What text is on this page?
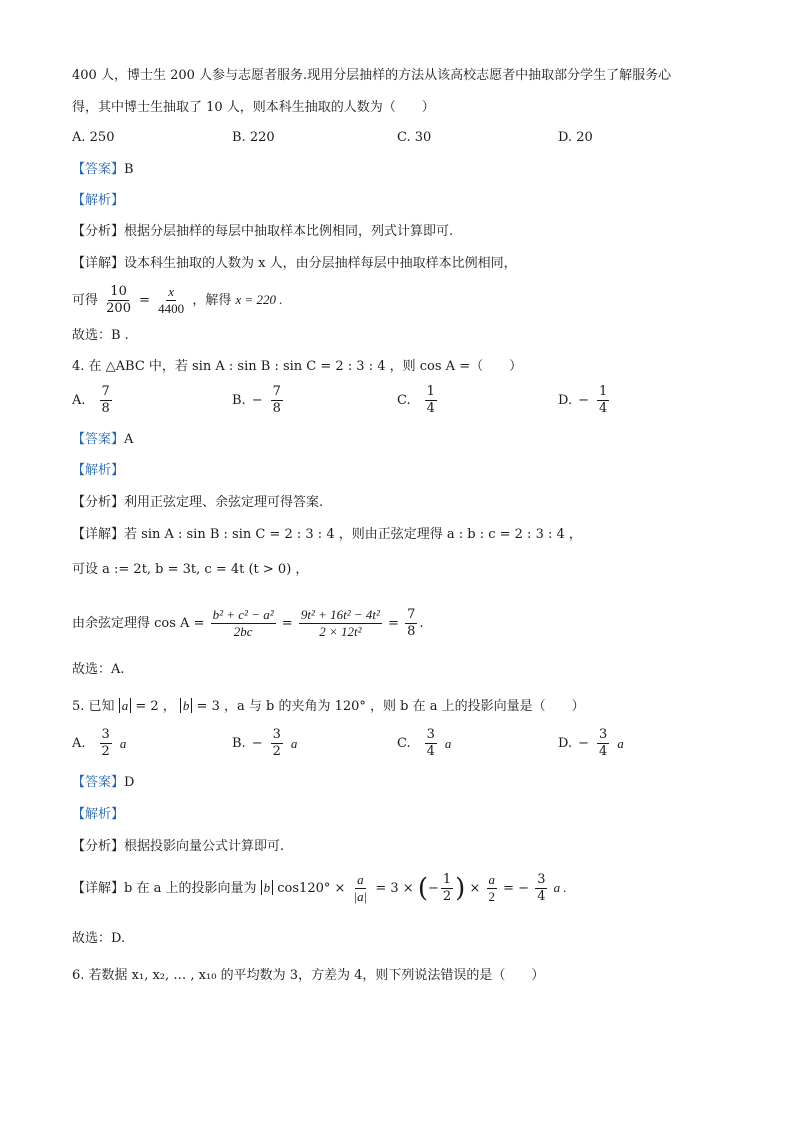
400 人，博士生 200 人参与志愿者服务.现用分层抽样的方法从该高校志愿者中抽取部分学生了解服务心
得，其中博士生抽取了 10 人，则本科生抽取的人数为（　　）
A. 250	B. 220	C. 30	D. 20
【答案】B
【解析】
【分析】根据分层抽样的每层中抽取样本比例相同，列式计算即可.
【详解】设本科生抽取的人数为 x 人，由分层抽样每层中抽取样本比例相同，
可得 $\frac{10}{200} = \frac{x}{4400}$ ，解得 x = 220 .
故选：B .
4. 在 △ABC 中，若 sin A : sin B : sin C = 2 : 3 : 4 ，则 cos A =（　　）
A. $\frac{7}{8}$	B. − $\frac{7}{8}$	C. $\frac{1}{4}$	D. − $\frac{1}{4}$
【答案】A
【解析】
【分析】利用正弦定理、余弦定理可得答案.
【详解】若 sin A : sin B : sin C = 2 : 3 : 4 ，则由正弦定理得 a : b : c = 2 : 3 : 4 ，
可设 a := 2t, b = 3t, c = 4t (t > 0) ，
由余弦定理得 $\cos A = \frac{\text{b² + c² − a²}}{2bc} = \frac{\text{9t² + 16t² − 4t²}}{\text{2 × 12t²}} = \frac{7}{8}$ .
故选：A.
5. 已知 a = 2 ， b = 3 ，a 与 b 的夹角为 120° ，则 b 在 a 上的投影向量是（　　）
A. $\frac{3}{2}$ a	B. − $\frac{3}{2}$ a	C. $\frac{3}{4}$ a	D. − $\frac{3}{4}$ a
【答案】D
【解析】
【分析】根据投影向量公式计算即可.
【详解】b 在 a 上的投影向量为 b $\cos 120^\circ \times \frac{a}{|a|} = 3$ × (− $\frac{1}{2}$ ) × $\frac{a}{2}$ = − $\frac{3}{4}$ a .
故选：D.
6. 若数据 x₁, x₂, … , x₁₀ 的平均数为 3，方差为 4，则下列说法错误的是（　　）
